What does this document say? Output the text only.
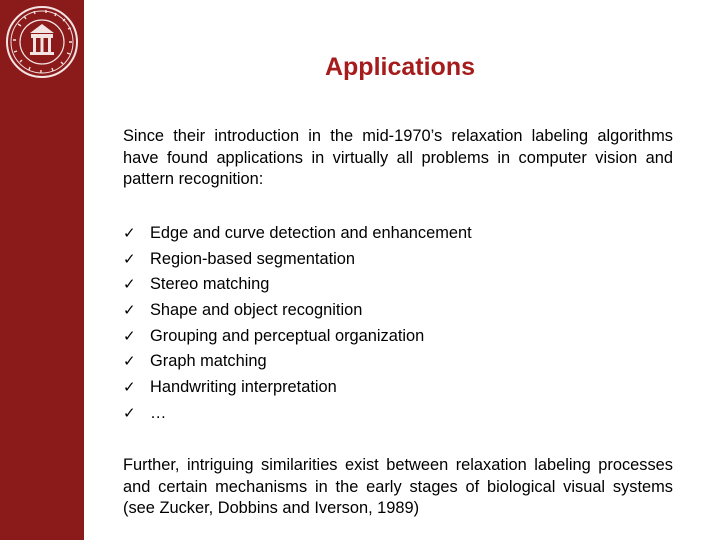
Applications
Since their introduction in the mid-1970’s relaxation labeling algorithms have found applications in virtually all problems in computer vision and pattern recognition:
✓ Edge and curve detection and enhancement
✓ Region-based segmentation
✓ Stereo matching
✓ Shape and object recognition
✓ Grouping and perceptual organization
✓ Graph matching
✓ Handwriting interpretation
✓ …
Further, intriguing similarities exist between relaxation labeling processes and certain mechanisms in the early stages of biological visual systems (see Zucker, Dobbins and Iverson, 1989)
